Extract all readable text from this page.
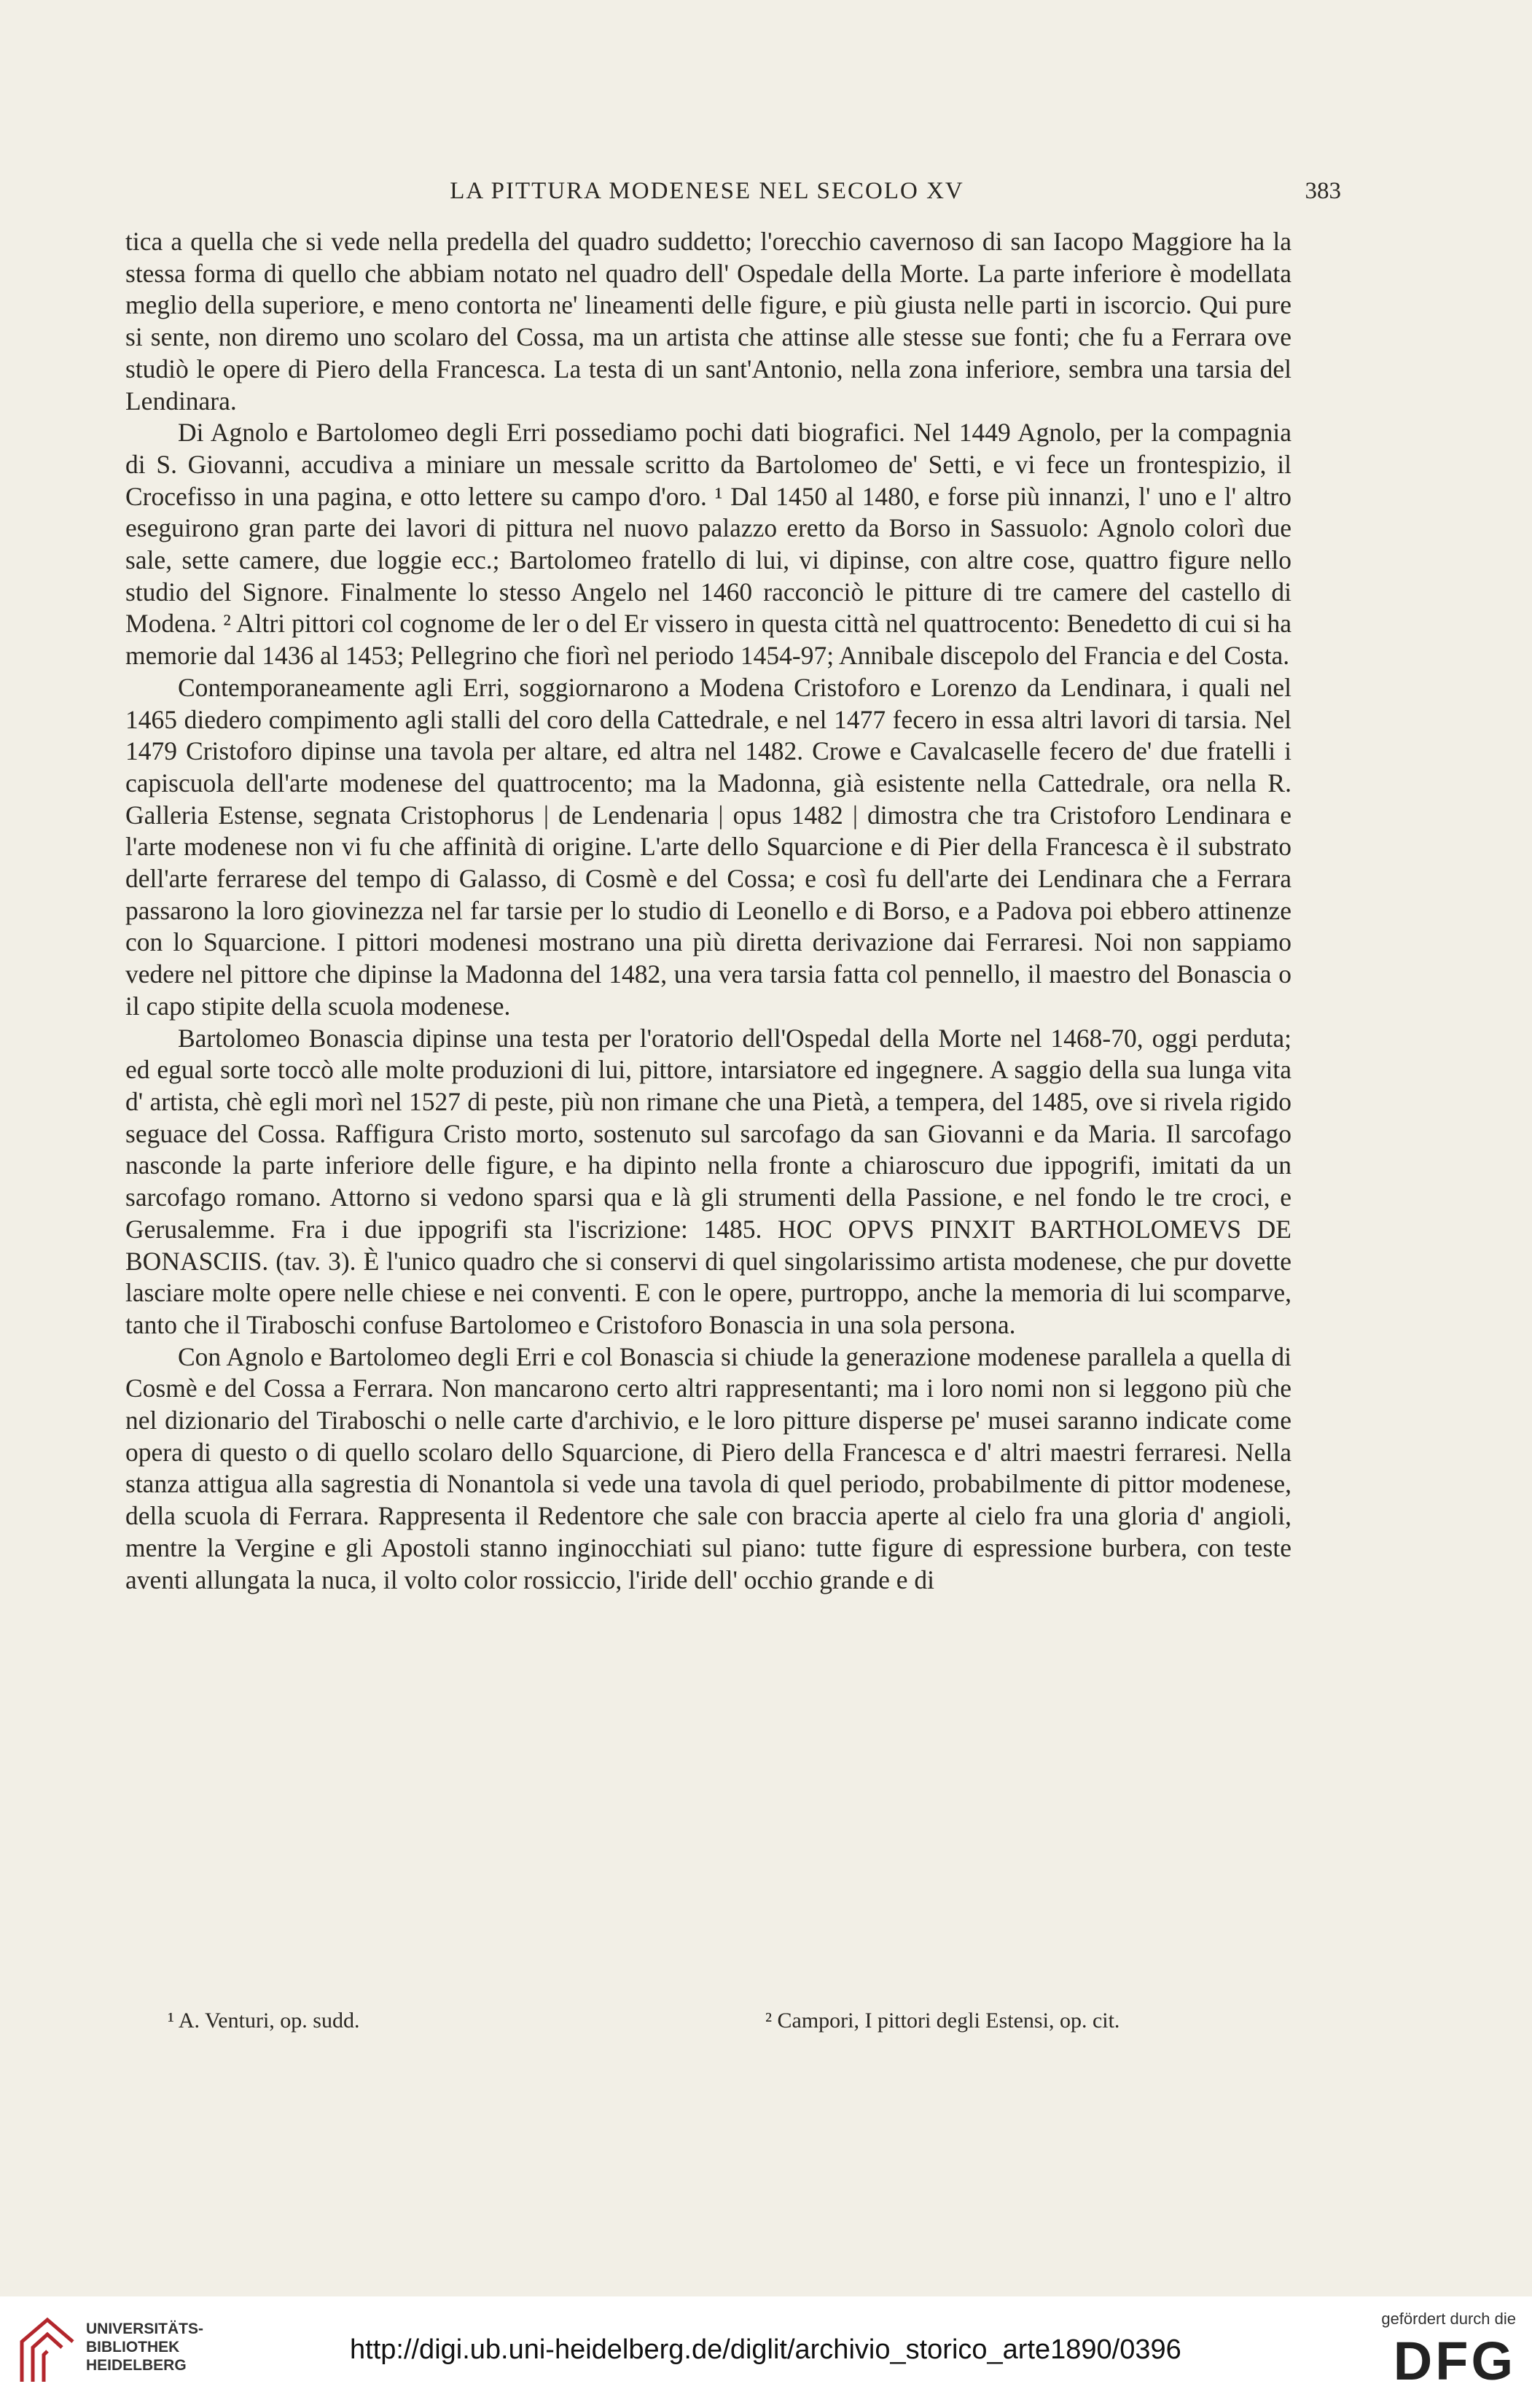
LA PITTURA MODENESE NEL SECOLO XV	383

tica a quella che si vede nella predella del quadro suddetto; l'orecchio cavernoso di san Iacopo Maggiore ha la stessa forma di quello che abbiam notato nel quadro dell' Ospedale della Morte. La parte inferiore è modellata meglio della superiore, e meno contorta ne' lineamenti delle figure, e più giusta nelle parti in iscorcio. Qui pure si sente, non diremo uno scolaro del Cossa, ma un artista che attinse alle stesse sue fonti; che fu a Ferrara ove studiò le opere di Piero della Francesca. La testa di un sant'Antonio, nella zona inferiore, sembra una tarsia del Lendinara.

Di Agnolo e Bartolomeo degli Erri possediamo pochi dati biografici. Nel 1449 Agnolo, per la compagnia di S. Giovanni, accudiva a miniare un messale scritto da Bartolomeo de' Setti, e vi fece un frontespizio, il Crocefisso in una pagina, e otto lettere su campo d'oro. ¹ Dal 1450 al 1480, e forse più innanzi, l' uno e l' altro eseguirono gran parte dei lavori di pittura nel nuovo palazzo eretto da Borso in Sassuolo: Agnolo colorì due sale, sette camere, due loggie ecc.; Bartolomeo fratello di lui, vi dipinse, con altre cose, quattro figure nello studio del Signore. Finalmente lo stesso Angelo nel 1460 racconciò le pitture di tre camere del castello di Modena. ² Altri pittori col cognome de ler o del Er vissero in questa città nel quattrocento: Benedetto di cui si ha memorie dal 1436 al 1453; Pellegrino che fiorì nel periodo 1454-97; Annibale discepolo del Francia e del Costa.

Contemporaneamente agli Erri, soggiornarono a Modena Cristoforo e Lorenzo da Lendinara, i quali nel 1465 diedero compimento agli stalli del coro della Cattedrale, e nel 1477 fecero in essa altri lavori di tarsia. Nel 1479 Cristoforo dipinse una tavola per altare, ed altra nel 1482. Crowe e Cavalcaselle fecero de' due fratelli i capiscuola dell'arte modenese del quattrocento; ma la Madonna, già esistente nella Cattedrale, ora nella R. Galleria Estense, segnata Cristophorus | de Lendenaria | opus 1482 | dimostra che tra Cristoforo Lendinara e l'arte modenese non vi fu che affinità di origine. L'arte dello Squarcione e di Pier della Francesca è il substrato dell'arte ferrarese del tempo di Galasso, di Cosmè e del Cossa; e così fu dell'arte dei Lendinara che a Ferrara passarono la loro giovinezza nel far tarsie per lo studio di Leonello e di Borso, e a Padova poi ebbero attinenze con lo Squarcione. I pittori modenesi mostrano una più diretta derivazione dai Ferraresi. Noi non sappiamo vedere nel pittore che dipinse la Madonna del 1482, una vera tarsia fatta col pennello, il maestro del Bonascia o il capo stipite della scuola modenese.

Bartolomeo Bonascia dipinse una testa per l'oratorio dell'Ospedal della Morte nel 1468-70, oggi perduta; ed egual sorte toccò alle molte produzioni di lui, pittore, intarsiatore ed ingegnere. A saggio della sua lunga vita d' artista, chè egli morì nel 1527 di peste, più non rimane che una Pietà, a tempera, del 1485, ove si rivela rigido seguace del Cossa. Raffigura Cristo morto, sostenuto sul sarcofago da san Giovanni e da Maria. Il sarcofago nasconde la parte inferiore delle figure, e ha dipinto nella fronte a chiaroscuro due ippogrifi, imitati da un sarcofago romano. Attorno si vedono sparsi qua e là gli strumenti della Passione, e nel fondo le tre croci, e Gerusalemme. Fra i due ippogrifi sta l'iscrizione: 1485. HOC OPVS PINXIT BARTHOLOMEVS DE BONASCIIS. (tav. 3). È l'unico quadro che si conservi di quel singolarissimo artista modenese, che pur dovette lasciare molte opere nelle chiese e nei conventi. E con le opere, purtroppo, anche la memoria di lui scomparve, tanto che il Tiraboschi confuse Bartolomeo e Cristoforo Bonascia in una sola persona.

Con Agnolo e Bartolomeo degli Erri e col Bonascia si chiude la generazione modenese parallela a quella di Cosmè e del Cossa a Ferrara. Non mancarono certo altri rappresentanti; ma i loro nomi non si leggono più che nel dizionario del Tiraboschi o nelle carte d'archivio, e le loro pitture disperse pe' musei saranno indicate come opera di questo o di quello scolaro dello Squarcione, di Piero della Francesca e d' altri maestri ferraresi. Nella stanza attigua alla sagrestia di Nonantola si vede una tavola di quel periodo, probabilmente di pittor modenese, della scuola di Ferrara. Rappresenta il Redentore che sale con braccia aperte al cielo fra una gloria d' angioli, mentre la Vergine e gli Apostoli stanno inginocchiati sul piano: tutte figure di espressione burbera, con teste aventi allungata la nuca, il volto color rossiccio, l'iride dell' occhio grande e di

¹ A. Venturi, op. sudd.	² Campori, I pittori degli Estensi, op. cit.
UNIVERSITÄTS-
BIBLIOTHEK
HEIDELBERG
http://digi.ub.uni-heidelberg.de/diglit/archivio_storico_arte1890/0396
gefördert durch die
DFG
